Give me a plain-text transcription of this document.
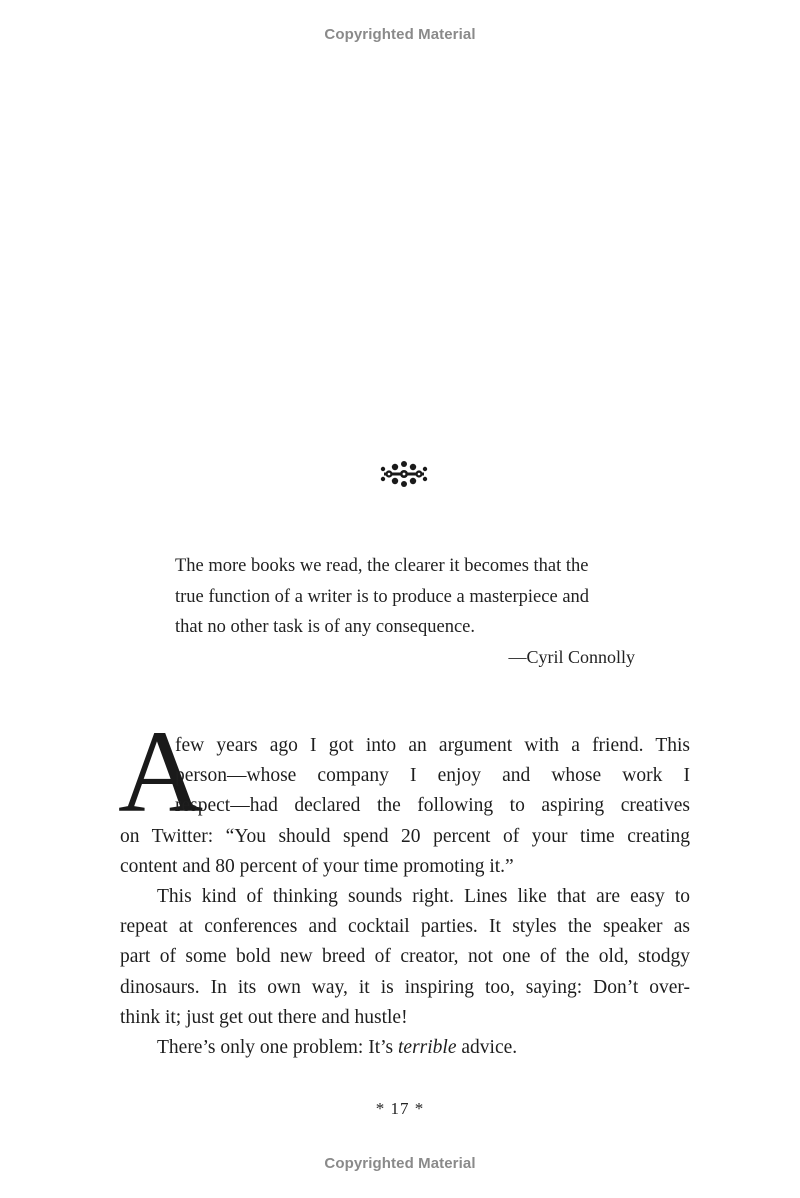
Copyrighted Material
The more books we read, the clearer it becomes that the
true function of a writer is to produce a masterpiece and
that no other task is of any consequence.
—Cyril Connolly
A
few years ago I got into an argument with a friend. This
person—whose company I enjoy and whose work I
respect—had declared the following to aspiring creatives
on Twitter: “You should spend 20 percent of your time creating
content and 80 percent of your time promoting it.”
This kind of thinking sounds right. Lines like that are easy to
repeat at conferences and cocktail parties. It styles the speaker as
part of some bold new breed of creator, not one of the old, stodgy
dinosaurs. In its own way, it is inspiring too, saying: Don’t over-
think it; just get out there and hustle!
There’s only one problem: It’s terrible advice.
* 17 *
Copyrighted Material
